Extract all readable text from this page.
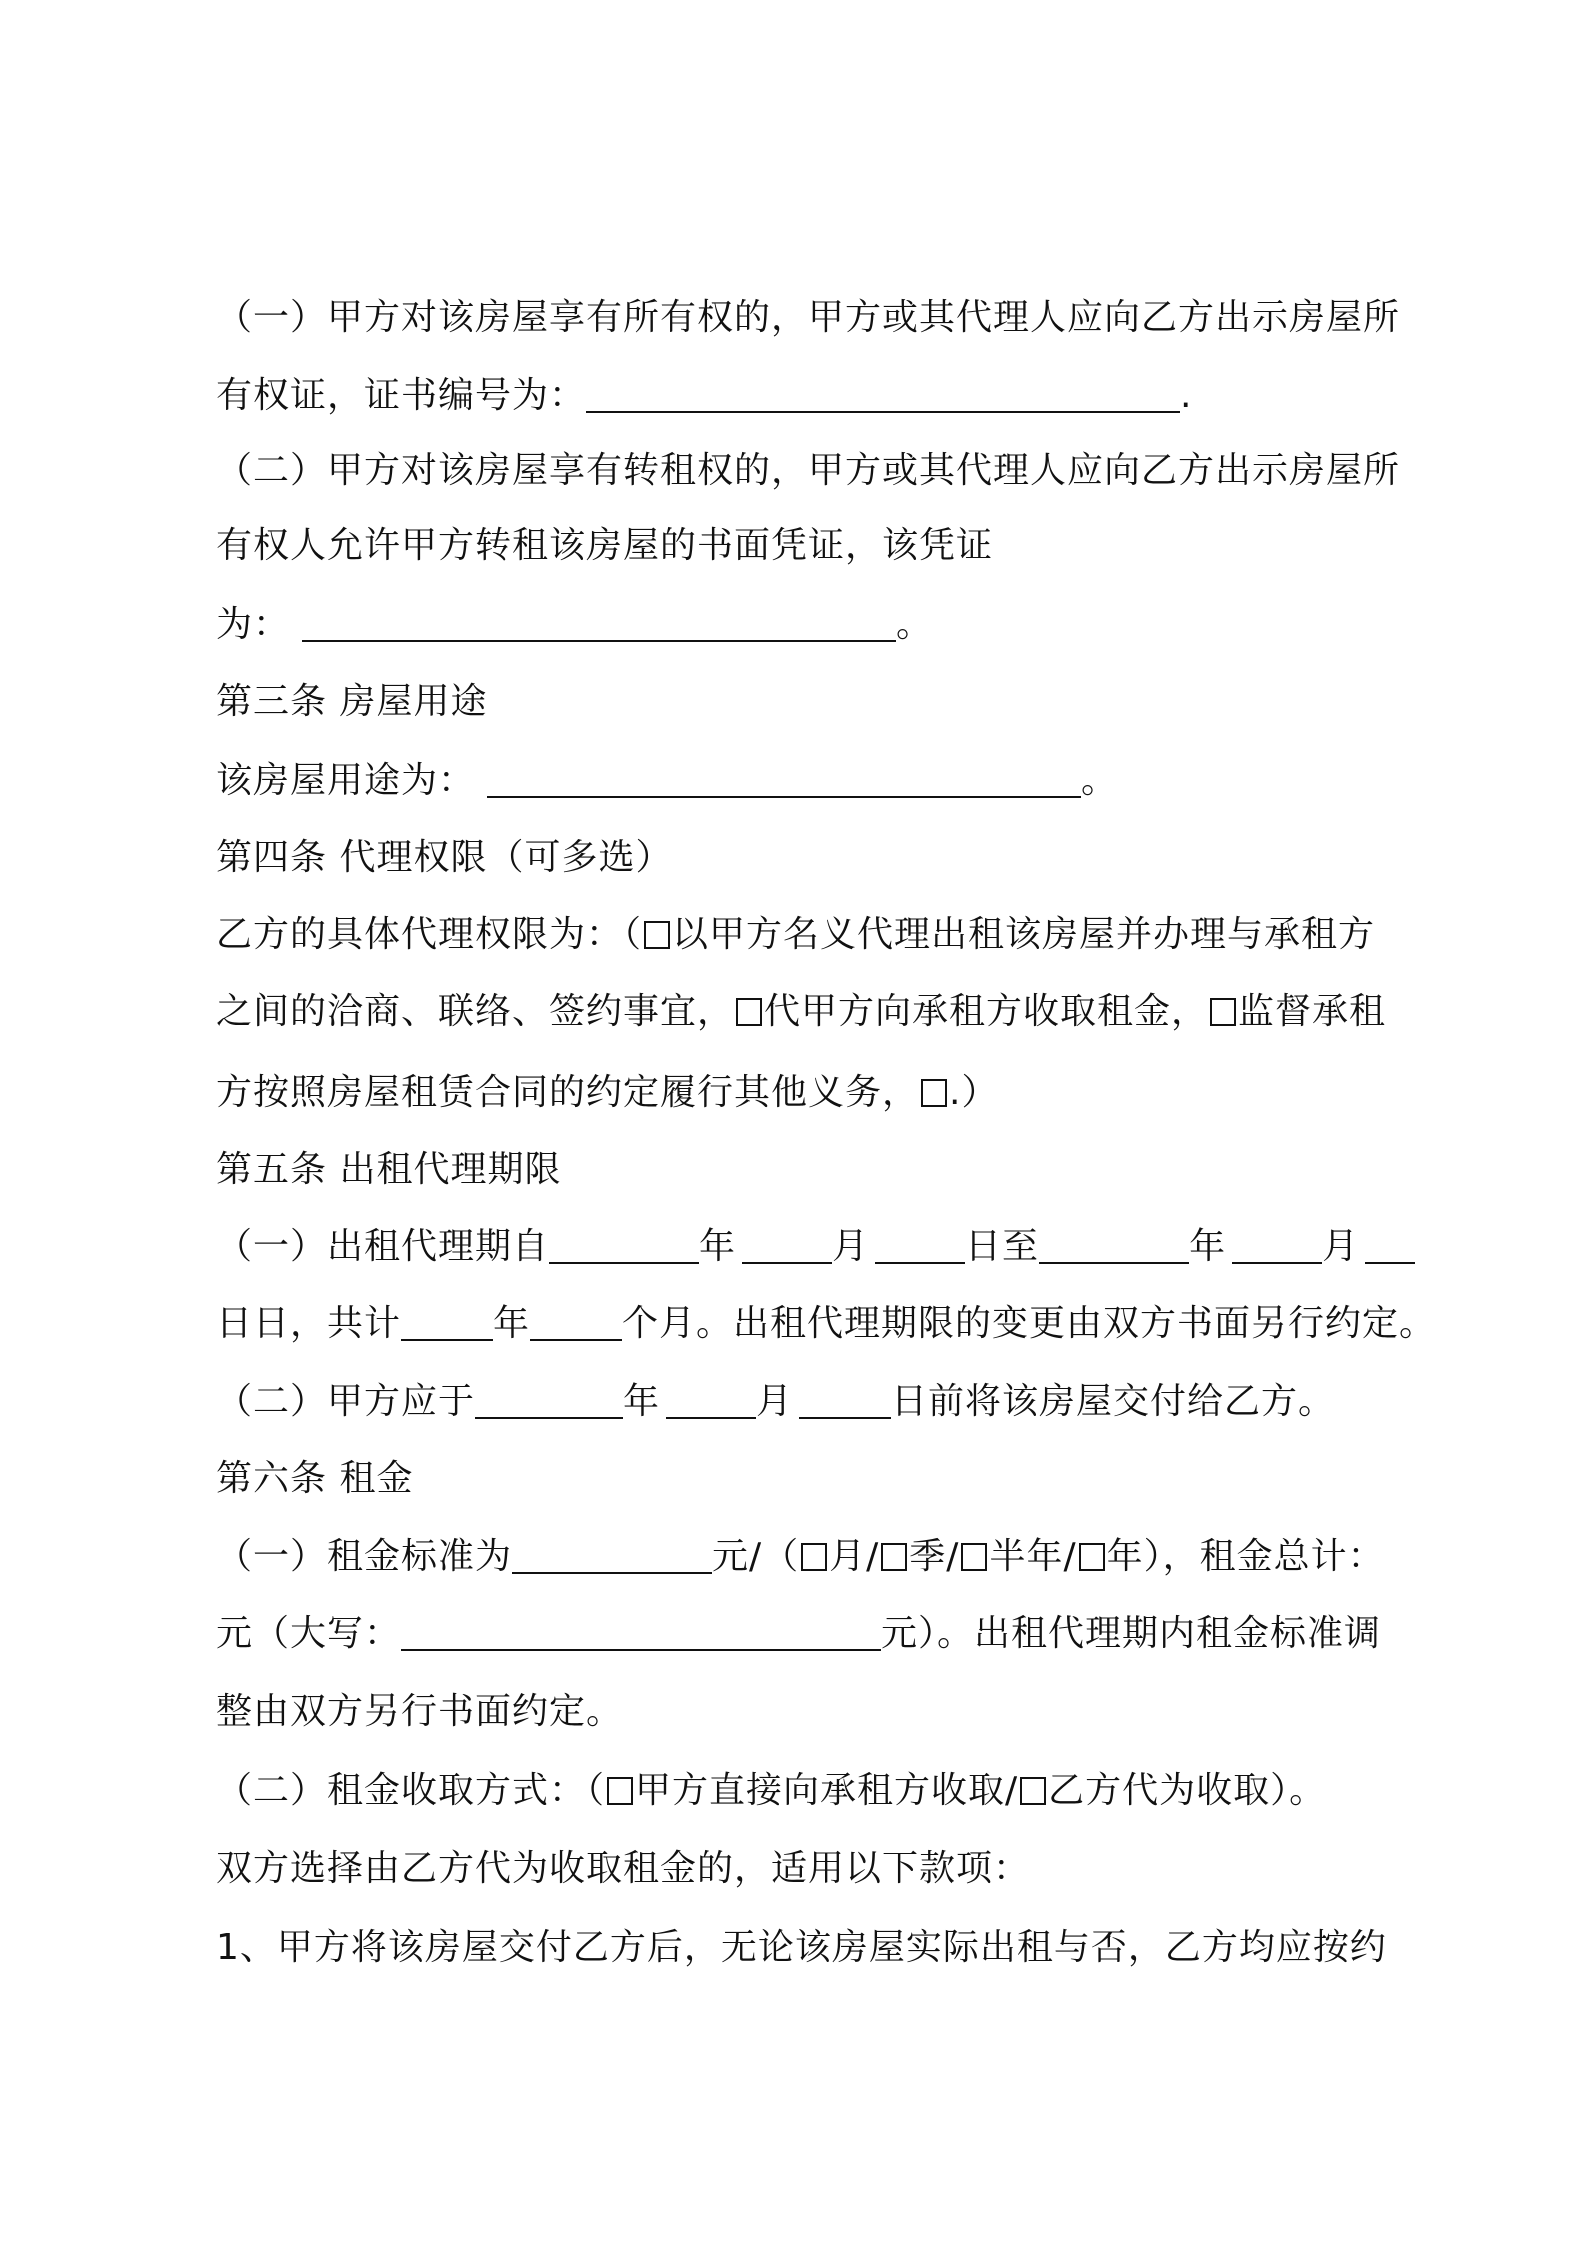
（一）甲方对该房屋享有所有权的，甲方或其代理人应向乙方出示房屋所
有权证，证书编号为：	.
（二）甲方对该房屋享有转租权的，甲方或其代理人应向乙方出示房屋所
有权人允许甲方转租该房屋的书面凭证，该凭证
为：	。
第三条 房屋用途
该房屋用途为：	。
第四条 代理权限（可多选）
乙方的具体代理权限为：（ 以甲方名义代理出租该房屋并办理与承租方
之间的洽商、联络、签约事宜， 代甲方向承租方收取租金， 监督承租
方按照房屋租赁合同的约定履行其他义务， .）
第五条 出租代理期限
（一）出租代理期自	年	月	日至	年	月
日日，共计	年	个月。出租代理期限的变更由双方书面另行约定。
（二）甲方应于	年	月	日前将该房屋交付给乙方。
第六条 租金
（一）租金标准为	元/（ 月/ 季/ 半年/ 年），租金总计：
元（大写：	元）。出租代理期内租金标准调
整由双方另行书面约定。
（二）租金收取方式：（ 甲方直接向承租方收取/ 乙方代为收取）。
双方选择由乙方代为收取租金的，适用以下款项：
1、甲方将该房屋交付乙方后，无论该房屋实际出租与否，乙方均应按约
